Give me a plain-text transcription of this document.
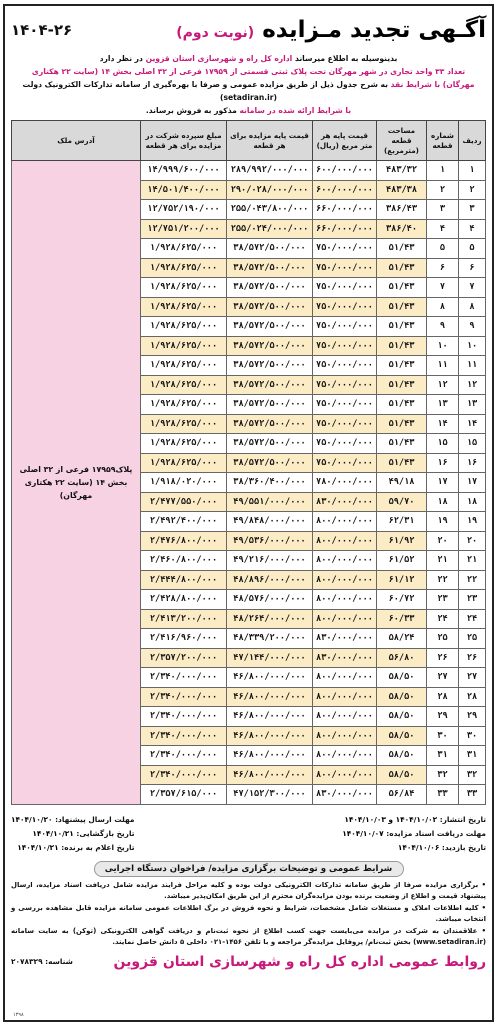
آگـهی تجدید مـزایده (نوبت دوم)
۱۴۰۴-۲۶
بدینوسیله به اطلاع میرساند اداره کل راه و شهرسازی استان قزوین در نظر دارد
تعداد ۳۳ واحد تجاری در شهر مهرگان تحت پلاک ثبتی قسمتی از ۱۷۹۵۹ فرعی از ۳۲ اصلی بخش ۱۴ (سایت ۲۲ هکتاری
مهرگان) با شرایط نقد به شرح جدول ذیل از طریق مزایده عمومی و صرفا با بهره‌گیری از سامانه تدارکات الکترونیک دولت (setadiran.ir)
با شرایط ارائه شده در سامانه مذکور به فروش برساند.
ردیف	شماره قطعه	مساحت قطعه (مترمربع)	قیمت پایه هر متر مربع (ریال)	قیمت پایه مزایده برای هر قطعه	مبلغ سپرده شرکت در مزایده برای هر قطعه	آدرس ملک
۱	۱	۴۸۳/۳۲	۶۰۰/۰۰۰/۰۰۰	۲۸۹/۹۹۲/۰۰۰/۰۰۰	۱۴/۹۹۹/۶۰۰/۰۰۰	پلاک۱۷۹۵۹ فرعی از ۳۲ اصلی بخش ۱۴ (سایت ۲۲ هکتاری مهرگان)
۲	۲	۴۸۳/۳۸	۶۰۰/۰۰۰/۰۰۰	۲۹۰/۰۲۸/۰۰۰/۰۰۰	۱۴/۵۰۱/۴۰۰/۰۰۰	
۳	۳	۳۸۶/۴۳	۶۶۰/۰۰۰/۰۰۰	۲۵۵/۰۴۳/۸۰۰/۰۰۰	۱۲/۷۵۲/۱۹۰/۰۰۰	
۴	۴	۳۸۶/۴۰	۶۶۰/۰۰۰/۰۰۰	۲۵۵/۰۲۴/۰۰۰/۰۰۰	۱۲/۷۵۱/۲۰۰/۰۰۰	
۵	۵	۵۱/۴۳	۷۵۰/۰۰۰/۰۰۰	۳۸/۵۷۲/۵۰۰/۰۰۰	۱/۹۲۸/۶۲۵/۰۰۰	
۶	۶	۵۱/۴۳	۷۵۰/۰۰۰/۰۰۰	۳۸/۵۷۲/۵۰۰/۰۰۰	۱/۹۲۸/۶۲۵/۰۰۰	
۷	۷	۵۱/۴۳	۷۵۰/۰۰۰/۰۰۰	۳۸/۵۷۲/۵۰۰/۰۰۰	۱/۹۲۸/۶۲۵/۰۰۰	
۸	۸	۵۱/۴۳	۷۵۰/۰۰۰/۰۰۰	۳۸/۵۷۲/۵۰۰/۰۰۰	۱/۹۲۸/۶۲۵/۰۰۰	
۹	۹	۵۱/۴۳	۷۵۰/۰۰۰/۰۰۰	۳۸/۵۷۲/۵۰۰/۰۰۰	۱/۹۲۸/۶۲۵/۰۰۰	
۱۰	۱۰	۵۱/۴۳	۷۵۰/۰۰۰/۰۰۰	۳۸/۵۷۲/۵۰۰/۰۰۰	۱/۹۲۸/۶۲۵/۰۰۰	
۱۱	۱۱	۵۱/۴۳	۷۵۰/۰۰۰/۰۰۰	۳۸/۵۷۲/۵۰۰/۰۰۰	۱/۹۲۸/۶۲۵/۰۰۰	
۱۲	۱۲	۵۱/۴۳	۷۵۰/۰۰۰/۰۰۰	۳۸/۵۷۲/۵۰۰/۰۰۰	۱/۹۲۸/۶۲۵/۰۰۰	
۱۳	۱۳	۵۱/۴۳	۷۵۰/۰۰۰/۰۰۰	۳۸/۵۷۲/۵۰۰/۰۰۰	۱/۹۲۸/۶۲۵/۰۰۰	
۱۴	۱۴	۵۱/۴۳	۷۵۰/۰۰۰/۰۰۰	۳۸/۵۷۲/۵۰۰/۰۰۰	۱/۹۲۸/۶۲۵/۰۰۰	
۱۵	۱۵	۵۱/۴۳	۷۵۰/۰۰۰/۰۰۰	۳۸/۵۷۲/۵۰۰/۰۰۰	۱/۹۲۸/۶۲۵/۰۰۰	
۱۶	۱۶	۵۱/۴۳	۷۵۰/۰۰۰/۰۰۰	۳۸/۵۷۲/۵۰۰/۰۰۰	۱/۹۲۸/۶۲۵/۰۰۰	
۱۷	۱۷	۴۹/۱۸	۷۸۰/۰۰۰/۰۰۰	۳۸/۳۶۰/۴۰۰/۰۰۰	۱/۹۱۸/۰۲۰/۰۰۰	
۱۸	۱۸	۵۹/۷۰	۸۳۰/۰۰۰/۰۰۰	۴۹/۵۵۱/۰۰۰/۰۰۰	۲/۴۷۷/۵۵۰/۰۰۰	
۱۹	۱۹	۶۲/۳۱	۸۰۰/۰۰۰/۰۰۰	۴۹/۸۴۸/۰۰۰/۰۰۰	۲/۴۹۲/۴۰۰/۰۰۰	
۲۰	۲۰	۶۱/۹۲	۸۰۰/۰۰۰/۰۰۰	۴۹/۵۳۶/۰۰۰/۰۰۰	۲/۴۷۶/۸۰۰/۰۰۰	
۲۱	۲۱	۶۱/۵۲	۸۰۰/۰۰۰/۰۰۰	۴۹/۲۱۶/۰۰۰/۰۰۰	۲/۴۶۰/۸۰۰/۰۰۰	
۲۲	۲۲	۶۱/۱۲	۸۰۰/۰۰۰/۰۰۰	۴۸/۸۹۶/۰۰۰/۰۰۰	۲/۴۴۴/۸۰۰/۰۰۰	
۲۳	۲۳	۶۰/۷۲	۸۰۰/۰۰۰/۰۰۰	۴۸/۵۷۶/۰۰۰/۰۰۰	۲/۴۲۸/۸۰۰/۰۰۰	
۲۴	۲۴	۶۰/۳۳	۸۰۰/۰۰۰/۰۰۰	۴۸/۲۶۴/۰۰۰/۰۰۰	۲/۴۱۳/۲۰۰/۰۰۰	
۲۵	۲۵	۵۸/۲۴	۸۳۰/۰۰۰/۰۰۰	۴۸/۳۳۹/۲۰۰/۰۰۰	۲/۴۱۶/۹۶۰/۰۰۰	
۲۶	۲۶	۵۶/۸۰	۸۳۰/۰۰۰/۰۰۰	۴۷/۱۴۴/۰۰۰/۰۰۰	۲/۳۵۷/۲۰۰/۰۰۰	
۲۷	۲۷	۵۸/۵۰	۸۰۰/۰۰۰/۰۰۰	۴۶/۸۰۰/۰۰۰/۰۰۰	۲/۳۴۰/۰۰۰/۰۰۰	
۲۸	۲۸	۵۸/۵۰	۸۰۰/۰۰۰/۰۰۰	۴۶/۸۰۰/۰۰۰/۰۰۰	۲/۳۴۰/۰۰۰/۰۰۰	
۲۹	۲۹	۵۸/۵۰	۸۰۰/۰۰۰/۰۰۰	۴۶/۸۰۰/۰۰۰/۰۰۰	۲/۳۴۰/۰۰۰/۰۰۰	
۳۰	۳۰	۵۸/۵۰	۸۰۰/۰۰۰/۰۰۰	۴۶/۸۰۰/۰۰۰/۰۰۰	۲/۳۴۰/۰۰۰/۰۰۰	
۳۱	۳۱	۵۸/۵۰	۸۰۰/۰۰۰/۰۰۰	۴۶/۸۰۰/۰۰۰/۰۰۰	۲/۳۴۰/۰۰۰/۰۰۰	
۳۲	۳۲	۵۸/۵۰	۸۰۰/۰۰۰/۰۰۰	۴۶/۸۰۰/۰۰۰/۰۰۰	۲/۳۴۰/۰۰۰/۰۰۰	
۳۳	۳۳	۵۶/۸۴	۸۳۰/۰۰۰/۰۰۰	۴۷/۱۵۲/۳۰۰/۰۰۰	۲/۳۵۷/۶۱۵/۰۰۰	
تاریخ انتشار: ۱۴۰۴/۱۰/۰۲ و ۱۴۰۴/۱۰/۰۳
مهلت دریافت اسناد مزایده: ۱۴۰۴/۱۰/۰۷
تاریخ بازدید: ۱۴۰۴/۱۰/۰۶
مهلت ارسال پیشنهاد: ۱۴۰۴/۱۰/۲۰
تاریخ بازگشایی: ۱۴۰۴/۱۰/۲۱
تاریخ اعلام به برنده: ۱۴۰۴/۱۰/۲۱
شرایط عمومی و توضیحات برگزاری مزایده/ فراخوان دستگاه اجرایی

• برگزاری مزایده صرفا از طریق سامانه تدارکات الکترونیکی دولت بوده و کلیه مراحل فرایند مزایده شامل دریافت اسناد مزایده، ارسال پیشنهاد قیمت و اطلاع از وضعیت برنده بودن مزایده‌گران محترم از این طریق امکان‌پذیر میباشد.

• کلیه اطلاعات املاک و مستغلات شامل مشخصات، شرایط و نحوه فروش در برگ اطلاعات عمومی سامانه مزایده قابل مشاهده بررسی و انتخاب میباشد.

• علاقمندان به شرکت در مزایده می‌بایست جهت کسب اطلاع از نحوه ثبت‌نام و دریافت گواهی الکترونیکی (توکن) به سایت سامانه (www.setadiran.ir) بخش ثبت‌نام/ پروفایل مزایده‌گر مراجعه و با تلفن ۱۴۵۶-۰۲۱ داخلی ۵ دانش حاصل نمایند.

روابط عمومی اداره کل راه و شهرسازی استان قزوین
شناسه: ۲۰۷۸۳۲۹
۱۳۹۸
